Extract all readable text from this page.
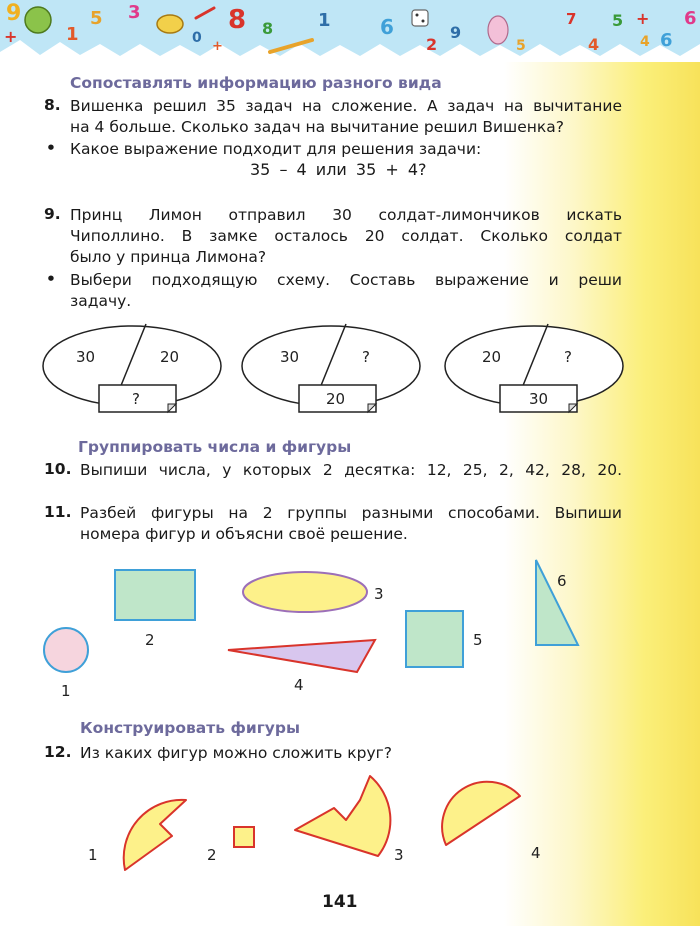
9
+	1
5 3	8
0
+
8 1 6
2
9
5	4
7
6
5 + 6
4
Сопоставлять информацию разного вида
8. Вишенка решил 35 задач на сложение. А задач на вычитание
на 4 больше. Сколько задач на вычитание решил Вишенка?
• Какое выражение подходит для решения задачи:
35 – 4 или 35 + 4?
9. Принц Лимон отправил 30 солдат-лимончиков искать
Чиполлино. В замке осталось 20 солдат. Сколько солдат
было у принца Лимона?
• Выбери подходящую схему. Составь выражение и реши
задачу.
30	20
?
30	?
20
20	?
30
Группировать числа и фигуры
10. Выпиши числа, у которых 2 десятка: 12, 25, 2, 42, 28, 20.
11. Разбей фигуры на 2 группы разными способами. Выпиши
номера фигур и объясни своё решение.
1
2
3
4
5
6
Конструировать фигуры
12. Из каких фигур можно сложить круг?
1	2	3	4
141
